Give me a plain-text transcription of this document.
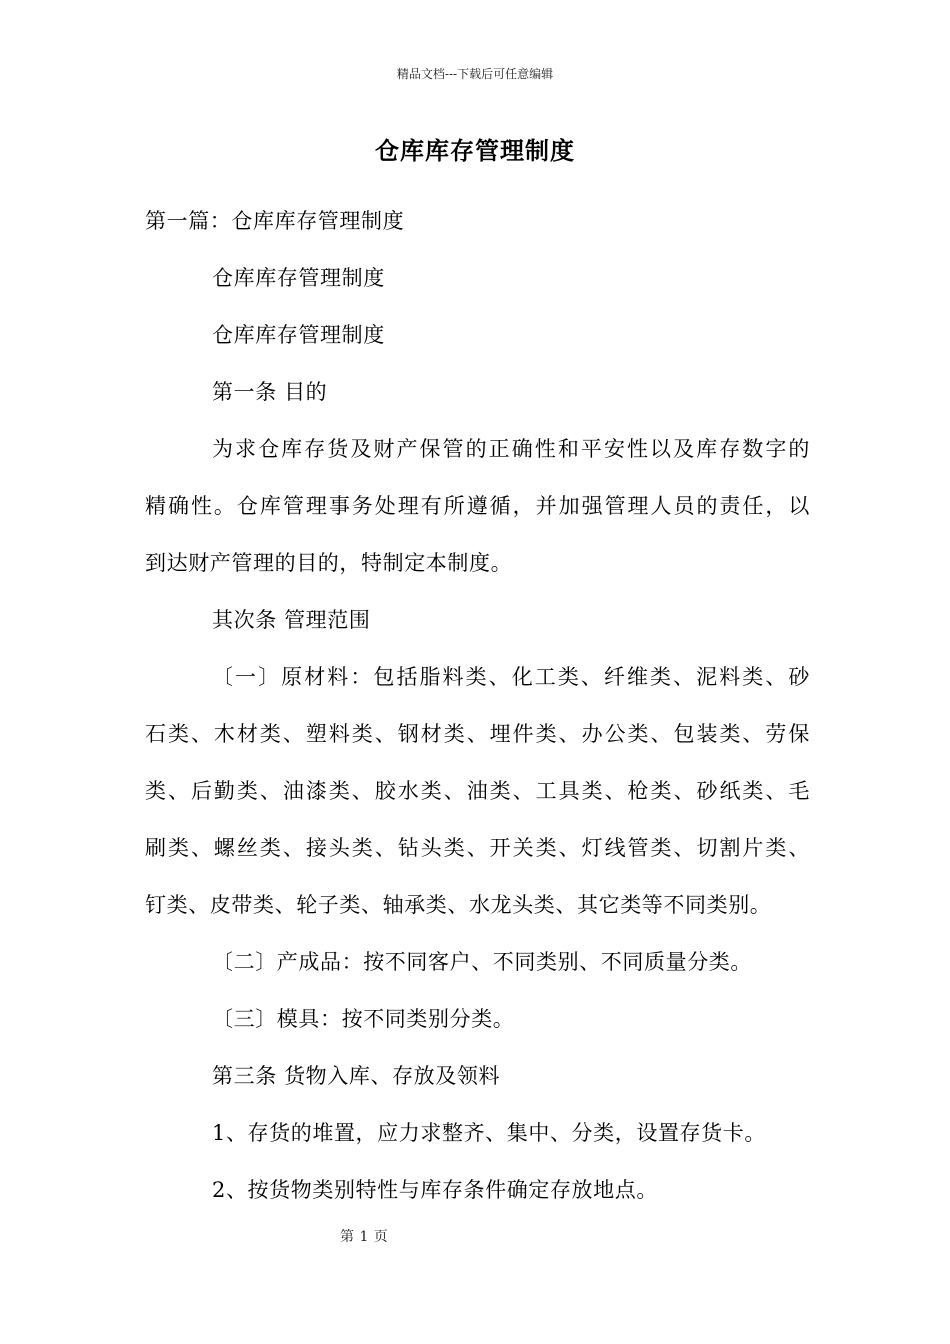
精品文档---下载后可任意编辑
仓库库存管理制度
第一篇：仓库库存管理制度
仓库库存管理制度
仓库库存管理制度
第一条 目的
为求仓库存货及财产保管的正确性和平安性以及库存数字的
精确性。仓库管理事务处理有所遵循，并加强管理人员的责任，以
到达财产管理的目的，特制定本制度。
其次条 管理范围
〔一〕原材料：包括脂料类、化工类、纤维类、泥料类、砂
石类、木材类、塑料类、钢材类、埋件类、办公类、包装类、劳保
类、后勤类、油漆类、胶水类、油类、工具类、枪类、砂纸类、毛
刷类、螺丝类、接头类、钻头类、开关类、灯线管类、切割片类、
钉类、皮带类、轮子类、轴承类、水龙头类、其它类等不同类别。
〔二〕产成品：按不同客户、不同类别、不同质量分类。
〔三〕模具：按不同类别分类。
第三条 货物入库、存放及领料
1、存货的堆置，应力求整齐、集中、分类，设置存货卡。
2、按货物类别特性与库存条件确定存放地点。
第 1 页
